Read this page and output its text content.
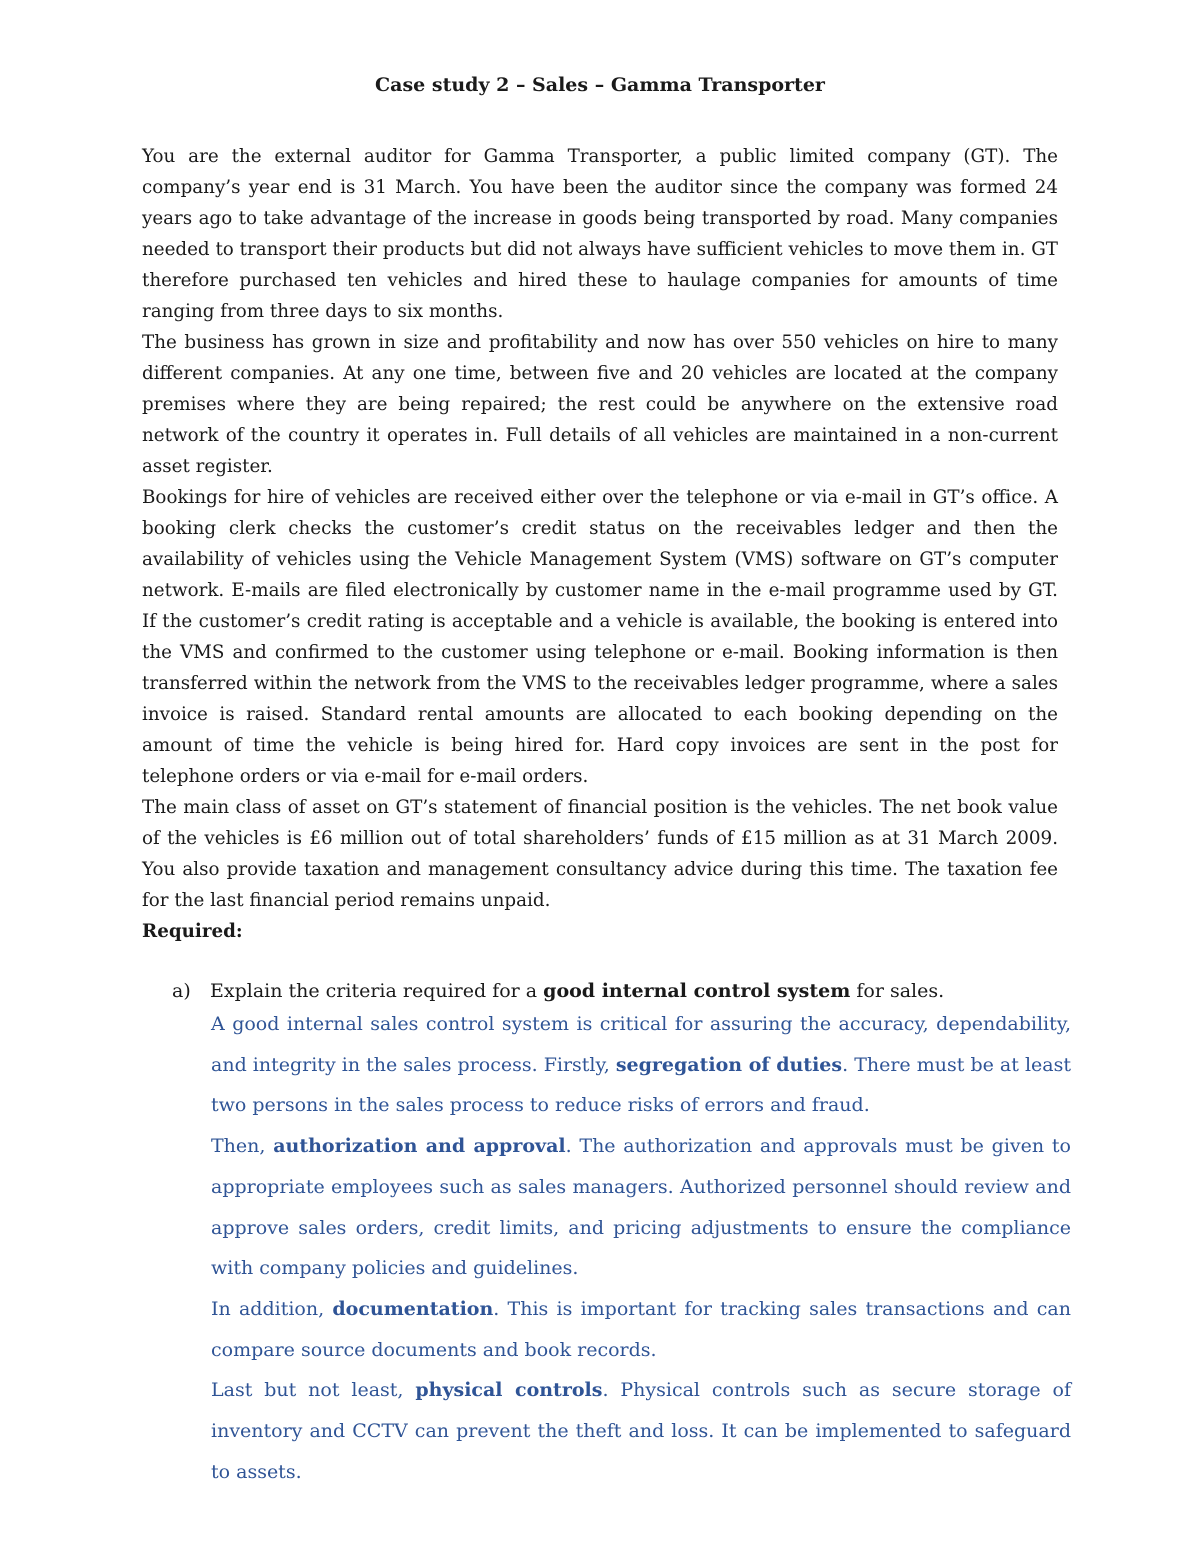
Case study 2 – Sales – Gamma Transporter

You are the external auditor for Gamma Transporter, a public limited company (GT). The company’s year end is 31 March. You have been the auditor since the company was formed 24 years ago to take advantage of the increase in goods being transported by road. Many companies needed to transport their products but did not always have sufficient vehicles to move them in. GT therefore purchased ten vehicles and hired these to haulage companies for amounts of time ranging from three days to six months.

The business has grown in size and profitability and now has over 550 vehicles on hire to many different companies. At any one time, between five and 20 vehicles are located at the company premises where they are being repaired; the rest could be anywhere on the extensive road network of the country it operates in. Full details of all vehicles are maintained in a non-current asset register.

Bookings for hire of vehicles are received either over the telephone or via e-mail in GT’s office. A booking clerk checks the customer’s credit status on the receivables ledger and then the availability of vehicles using the Vehicle Management System (VMS) software on GT’s computer network. E-mails are filed electronically by customer name in the e-mail programme used by GT. If the customer’s credit rating is acceptable and a vehicle is available, the booking is entered into the VMS and confirmed to the customer using telephone or e-mail. Booking information is then transferred within the network from the VMS to the receivables ledger programme, where a sales invoice is raised. Standard rental amounts are allocated to each booking depending on the amount of time the vehicle is being hired for. Hard copy invoices are sent in the post for telephone orders or via e-mail for e-mail orders.

The main class of asset on GT’s statement of financial position is the vehicles. The net book value of the vehicles is £6 million out of total shareholders’ funds of £15 million as at 31 March 2009. You also provide taxation and management consultancy advice during this time. The taxation fee for the last financial period remains unpaid.

Required:

a) Explain the criteria required for a good internal control system for sales.

A good internal sales control system is critical for assuring the accuracy, dependability, and integrity in the sales process. Firstly, segregation of duties. There must be at least two persons in the sales process to reduce risks of errors and fraud.

Then, authorization and approval. The authorization and approvals must be given to appropriate employees such as sales managers. Authorized personnel should review and approve sales orders, credit limits, and pricing adjustments to ensure the compliance with company policies and guidelines.

In addition, documentation. This is important for tracking sales transactions and can compare source documents and book records.

Last but not least, physical controls. Physical controls such as secure storage of inventory and CCTV can prevent the theft and loss. It can be implemented to safeguard to assets.
